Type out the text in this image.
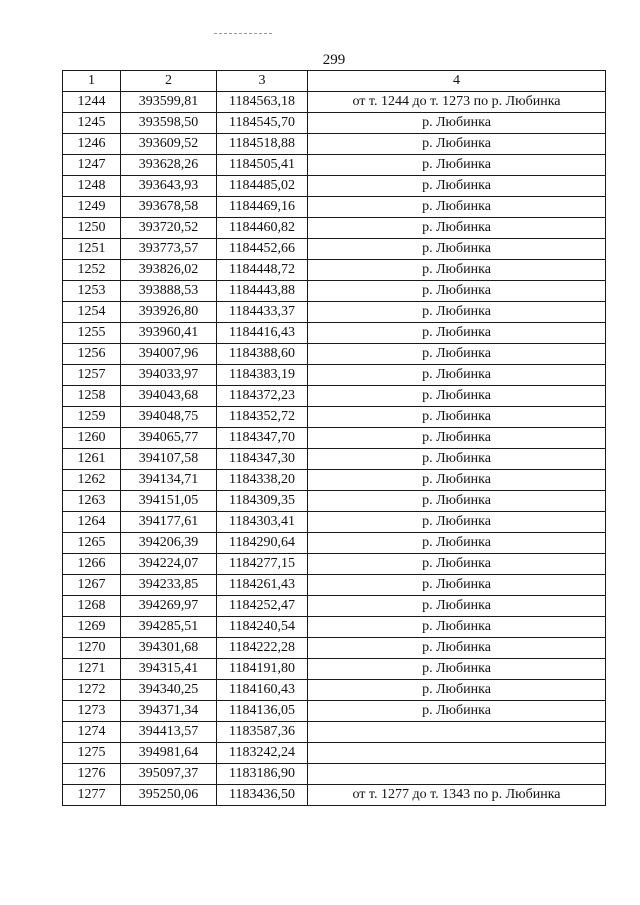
299
1	2	3	4
1244	393599,81	1184563,18	от т. 1244 до т. 1273 по р. Любинка
1245	393598,50	1184545,70	р. Любинка
1246	393609,52	1184518,88	р. Любинка
1247	393628,26	1184505,41	р. Любинка
1248	393643,93	1184485,02	р. Любинка
1249	393678,58	1184469,16	р. Любинка
1250	393720,52	1184460,82	р. Любинка
1251	393773,57	1184452,66	р. Любинка
1252	393826,02	1184448,72	р. Любинка
1253	393888,53	1184443,88	р. Любинка
1254	393926,80	1184433,37	р. Любинка
1255	393960,41	1184416,43	р. Любинка
1256	394007,96	1184388,60	р. Любинка
1257	394033,97	1184383,19	р. Любинка
1258	394043,68	1184372,23	р. Любинка
1259	394048,75	1184352,72	р. Любинка
1260	394065,77	1184347,70	р. Любинка
1261	394107,58	1184347,30	р. Любинка
1262	394134,71	1184338,20	р. Любинка
1263	394151,05	1184309,35	р. Любинка
1264	394177,61	1184303,41	р. Любинка
1265	394206,39	1184290,64	р. Любинка
1266	394224,07	1184277,15	р. Любинка
1267	394233,85	1184261,43	р. Любинка
1268	394269,97	1184252,47	р. Любинка
1269	394285,51	1184240,54	р. Любинка
1270	394301,68	1184222,28	р. Любинка
1271	394315,41	1184191,80	р. Любинка
1272	394340,25	1184160,43	р. Любинка
1273	394371,34	1184136,05	р. Любинка
1274	394413,57	1183587,36	
1275	394981,64	1183242,24	
1276	395097,37	1183186,90	
1277	395250,06	1183436,50	от т. 1277 до т. 1343 по р. Любинка
